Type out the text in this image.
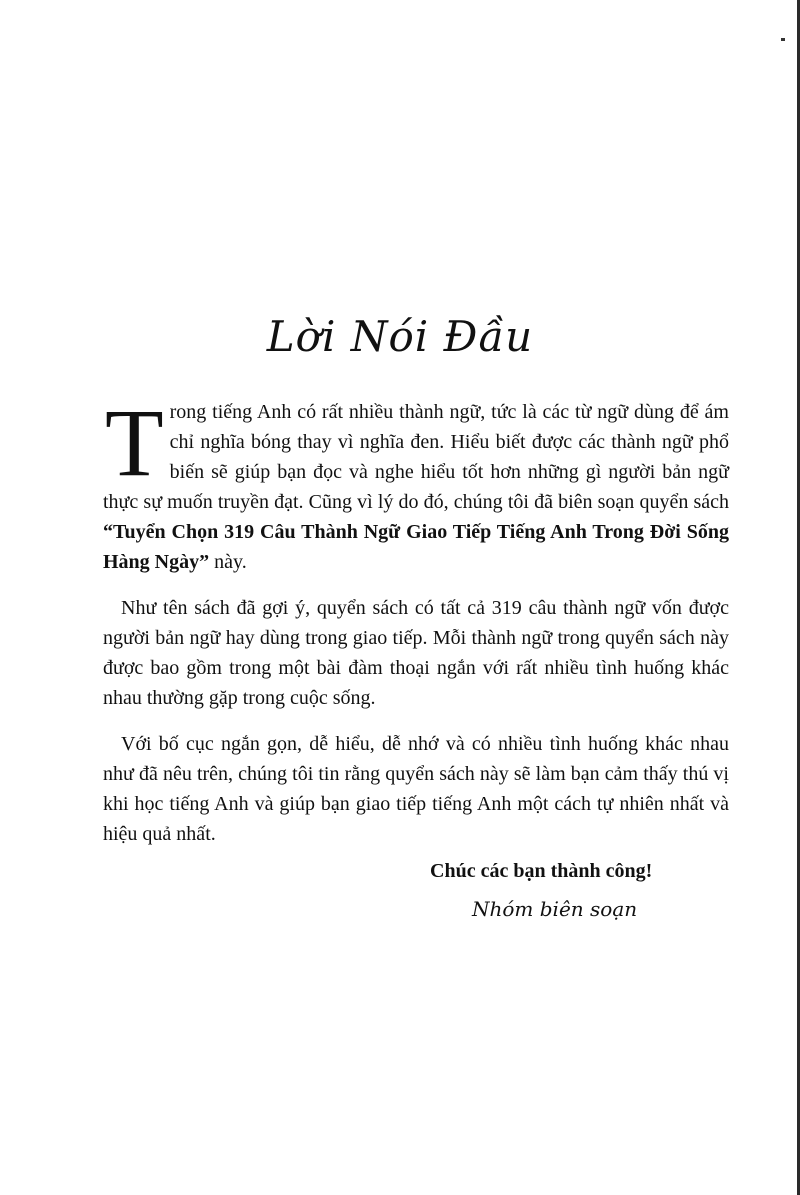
Lời Nói Đầu

Trong tiếng Anh có rất nhiều thành ngữ, tức là các từ ngữ dùng để ám chỉ nghĩa bóng thay vì nghĩa đen. Hiểu biết được các thành ngữ phổ biến sẽ giúp bạn đọc và nghe hiểu tốt hơn những gì người bản ngữ thực sự muốn truyền đạt. Cũng vì lý do đó, chúng tôi đã biên soạn quyển sách “Tuyển Chọn 319 Câu Thành Ngữ Giao Tiếp Tiếng Anh Trong Đời Sống Hàng Ngày” này.

Như tên sách đã gợi ý, quyển sách có tất cả 319 câu thành ngữ vốn được người bản ngữ hay dùng trong giao tiếp. Mỗi thành ngữ trong quyển sách này được bao gồm trong một bài đàm thoại ngắn với rất nhiều tình huống khác nhau thường gặp trong cuộc sống.

Với bố cục ngắn gọn, dễ hiểu, dễ nhớ và có nhiều tình huống khác nhau như đã nêu trên, chúng tôi tin rằng quyển sách này sẽ làm bạn cảm thấy thú vị khi học tiếng Anh và giúp bạn giao tiếp tiếng Anh một cách tự nhiên nhất và hiệu quả nhất.

Chúc các bạn thành công!

Nhóm biên soạn
